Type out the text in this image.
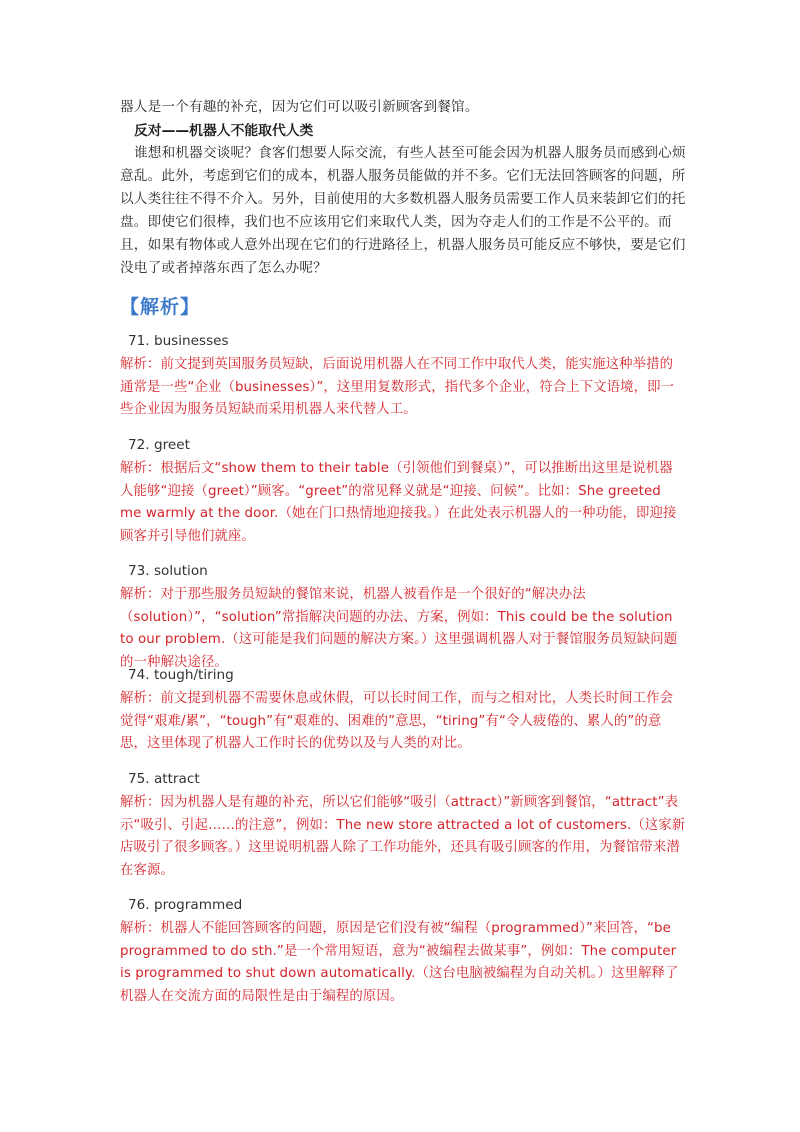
器人是一个有趣的补充，因为它们可以吸引新顾客到餐馆。
反对——机器人不能取代人类
谁想和机器交谈呢？食客们想要人际交流，有些人甚至可能会因为机器人服务员而感到心烦意乱。此外，考虑到它们的成本，机器人服务员能做的并不多。它们无法回答顾客的问题，所以人类往往不得不介入。另外，目前使用的大多数机器人服务员需要工作人员来装卸它们的托盘。即使它们很棒，我们也不应该用它们来取代人类，因为夺走人们的工作是不公平的。而且，如果有物体或人意外出现在它们的行进路径上，机器人服务员可能反应不够快，要是它们没电了或者掉落东西了怎么办呢？
【解析】
71. businesses
解析：前文提到英国服务员短缺，后面说用机器人在不同工作中取代人类，能实施这种举措的通常是一些“企业（businesses）”，这里用复数形式，指代多个企业，符合上下文语境，即一些企业因为服务员短缺而采用机器人来代替人工。
72. greet
解析：根据后文“show them to their table（引领他们到餐桌）”，可以推断出这里是说机器人能够“迎接（greet）”顾客。“greet”的常见释义就是“迎接、问候”。比如：She greeted me warmly at the door.（她在门口热情地迎接我。）在此处表示机器人的一种功能，即迎接顾客并引导他们就座。
73. solution
解析：对于那些服务员短缺的餐馆来说，机器人被看作是一个很好的“解决办法（solution）”，“solution”常指解决问题的办法、方案，例如：This could be the solution to our problem.（这可能是我们问题的解决方案。）这里强调机器人对于餐馆服务员短缺问题的一种解决途径。
74. tough/tiring
解析：前文提到机器不需要休息或休假，可以长时间工作，而与之相对比，人类长时间工作会觉得“艰难/累”，“tough”有“艰难的、困难的”意思，“tiring”有“令人疲倦的、累人的”的意思，这里体现了机器人工作时长的优势以及与人类的对比。
75. attract
解析：因为机器人是有趣的补充，所以它们能够“吸引（attract）”新顾客到餐馆，“attract”表示“吸引、引起……的注意”，例如：The new store attracted a lot of customers.（这家新店吸引了很多顾客。）这里说明机器人除了工作功能外，还具有吸引顾客的作用，为餐馆带来潜在客源。
76. programmed
解析：机器人不能回答顾客的问题，原因是它们没有被“编程（programmed）”来回答，“be programmed to do sth.”是一个常用短语，意为“被编程去做某事”，例如：The computer is programmed to shut down automatically.（这台电脑被编程为自动关机。）这里解释了机器人在交流方面的局限性是由于编程的原因。
